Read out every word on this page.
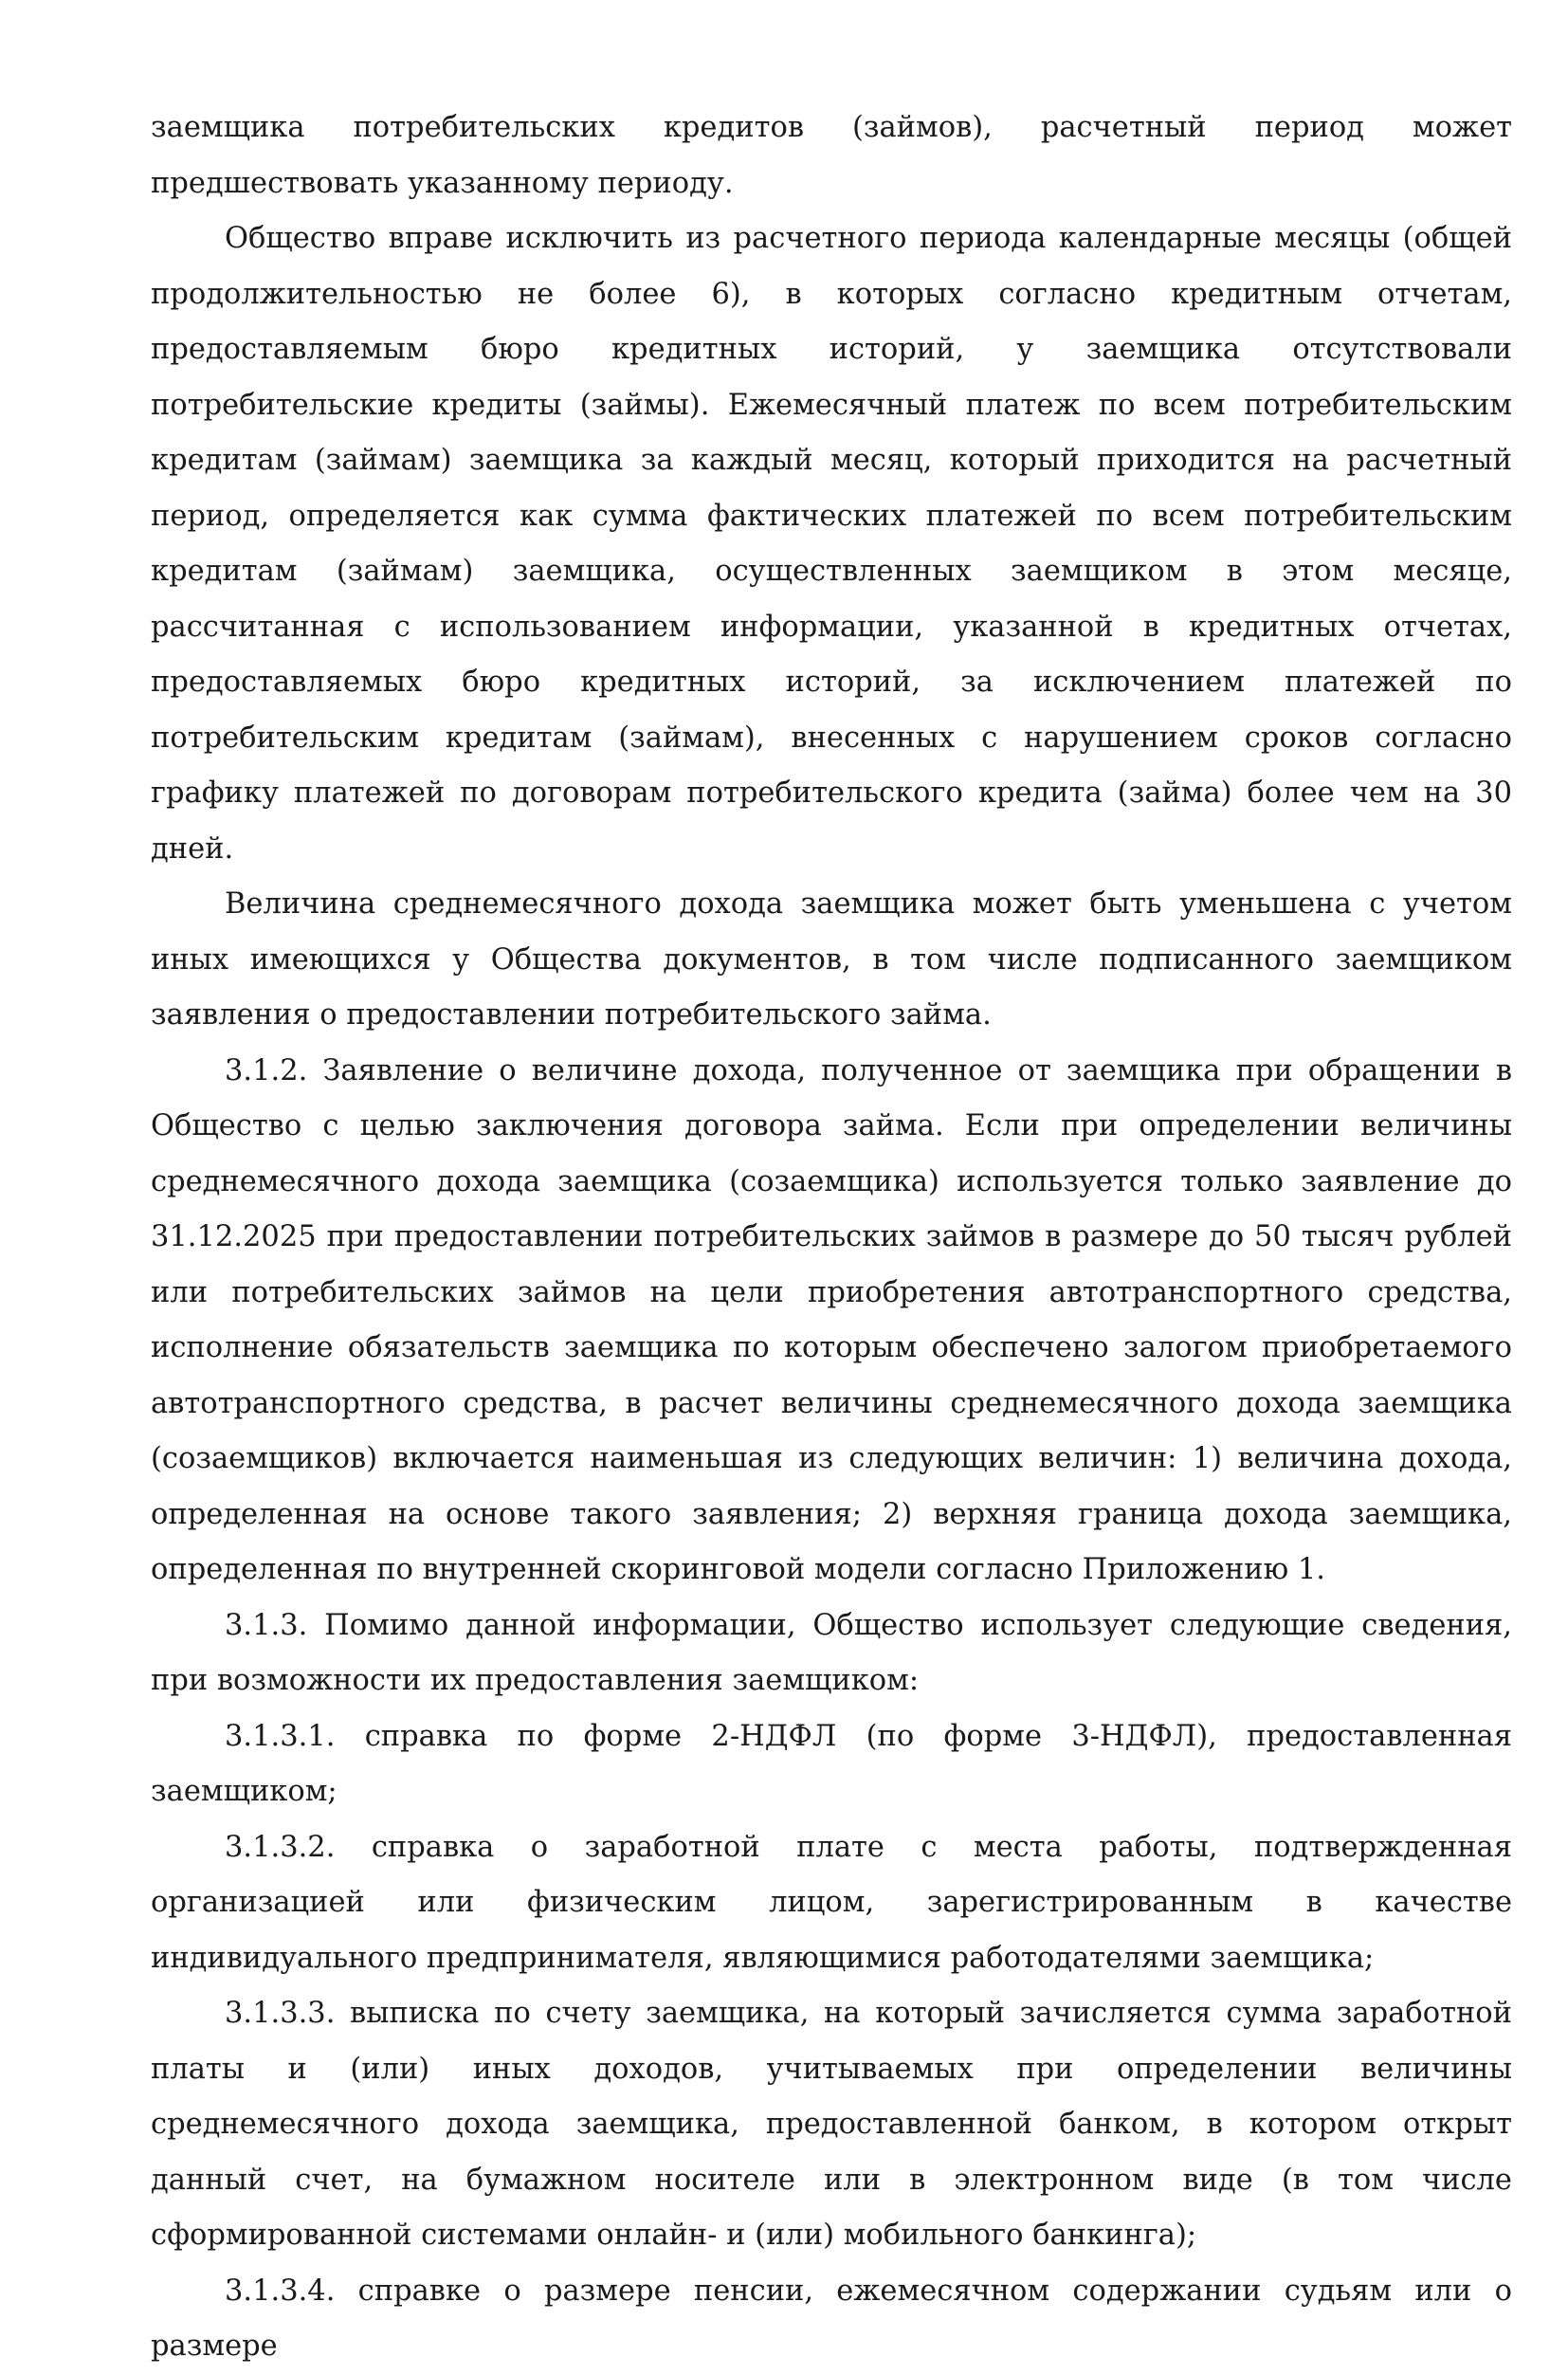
заемщика потребительских кредитов (займов), расчетный период может предшествовать указанному периоду.

Общество вправе исключить из расчетного периода календарные месяцы (общей продолжительностью не более 6), в которых согласно кредитным отчетам, предоставляемым бюро кредитных историй, у заемщика отсутствовали потребительские кредиты (займы). Ежемесячный платеж по всем потребительским кредитам (займам) заемщика за каждый месяц, который приходится на расчетный период, определяется как сумма фактических платежей по всем потребительским кредитам (займам) заемщика, осуществленных заемщиком в этом месяце, рассчитанная с использованием информации, указанной в кредитных отчетах, предоставляемых бюро кредитных историй, за исключением платежей по потребительским кредитам (займам), внесенных с нарушением сроков согласно графику платежей по договорам потребительского кредита (займа) более чем на 30 дней.

Величина среднемесячного дохода заемщика может быть уменьшена с учетом иных имеющихся у Общества документов, в том числе подписанного заемщиком заявления о предоставлении потребительского займа.

3.1.2. Заявление о величине дохода, полученное от заемщика при обращении в Общество с целью заключения договора займа. Если при определении величины среднемесячного дохода заемщика (созаемщика) используется только заявление до 31.12.2025 при предоставлении потребительских займов в размере до 50 тысяч рублей или потребительских займов на цели приобретения автотранспортного средства, исполнение обязательств заемщика по которым обеспечено залогом приобретаемого автотранспортного средства, в расчет величины среднемесячного дохода заемщика (созаемщиков) включается наименьшая из следующих величин: 1) величина дохода, определенная на основе такого заявления; 2) верхняя граница дохода заемщика, определенная по внутренней скоринговой модели согласно Приложению 1.

3.1.3. Помимо данной информации, Общество использует следующие сведения, при возможности их предоставления заемщиком:

3.1.3.1. справка по форме 2-НДФЛ (по форме 3-НДФЛ), предоставленная заемщиком;

3.1.3.2. справка о заработной плате с места работы, подтвержденная организацией или физическим лицом, зарегистрированным в качестве индивидуального предпринимателя, являющимися работодателями заемщика;

3.1.3.3. выписка по счету заемщика, на который зачисляется сумма заработной платы и (или) иных доходов, учитываемых при определении величины среднемесячного дохода заемщика, предоставленной банком, в котором открыт данный счет, на бумажном носителе или в электронном виде (в том числе сформированной системами онлайн- и (или) мобильного банкинга);

3.1.3.4. справке о размере пенсии, ежемесячном содержании судьям или о размере
